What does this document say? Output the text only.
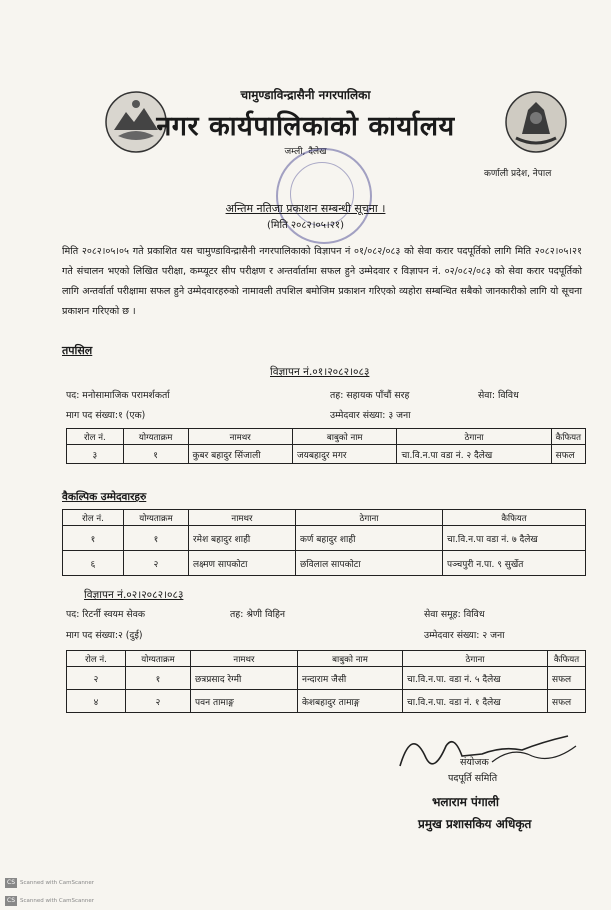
चामुण्डाविन्द्रासैनी नगरपालिका
नगर कार्यपालिकाको कार्यालय
जम्ली, दैलेख
कर्णाली प्रदेश, नेपाल
अन्तिम नतिजा प्रकाशन सम्बन्धी सूचना ।
(मिति २०८२।०५।२१)
मिति २०८२।०५।०५ गते प्रकाशित यस चामुण्डाविन्द्रासैनी नगरपालिकाको विज्ञापन नं ०१/०८२/०८३ को सेवा करार पदपूर्तिको लागि मिति २०८२।०५।२१ गते संचालन भएको लिखित परीक्षा, कम्प्यूटर सीप परीक्षण र अन्तर्वार्तामा सफल हुने उम्मेदवार र विज्ञापन नं. ०२/०८२/०८३ को सेवा करार पदपूर्तिको लागि अन्तर्वार्ता परीक्षामा सफल हुने उम्मेदवारहरुको नामावली तपशिल बमोजिम प्रकाशन गरिएको व्यहोरा सम्बन्धित सबैको जानकारीको लागि यो सूचना प्रकाशन गरिएको छ ।
तपसिल
विज्ञापन नं.०१।२०८२।०८३
पद: मनोसामाजिक परामर्शकर्ता	तह: सहायक पाँचौं सरह	सेवा: विविध
माग पद संख्या:१ (एक)	उम्मेदवार संख्या: ३ जना
रोल नं.	योग्यताक्रम	नामथर	बाबुको नाम	ठेगाना	कैफियत
३	१	कुबर बहादुर सिंजाली	जयबहादुर मगर	चा.वि.न.पा वडा नं. २ दैलेख	सफल
वैकल्पिक उम्मेदवारहरु
रोल नं.	योग्यताक्रम	नामथर	ठेगाना	कैफियत
१	१	रमेश बहादुर शाही	कर्ण बहादुर शाही	चा.वि.न.पा वडा नं. ७ दैलेख
६	२	लक्ष्मण सापकोटा	छविलाल सापकोटा	पञ्चपुरी न.पा. ९ सुर्खेत
विज्ञापन नं.०२।२०८२।०८३
पद: रिटर्नी स्वयम सेवक	तह: श्रेणी विहिन	सेवा समूह: विविध
माग पद संख्या:२ (दुई)	उम्मेदवार संख्या: २ जना
रोल नं.	योग्यताक्रम	नामथर	बाबुको नाम	ठेगाना	कैफियत
२	१	छत्रप्रसाद रेग्मी	नन्दाराम जैसी	चा.वि.न.पा. वडा नं. ५ दैलेख	सफल
४	२	पवन तामाङ्ग	केशबहादुर तामाङ्ग	चा.वि.न.पा. वडा नं. १ दैलेख	सफल
संयोजक
पदपूर्ति समिति
भलाराम पंगाली
प्रमुख प्रशासकिय अधिकृत
CS Scanned with CamScanner
CS Scanned with CamScanner
